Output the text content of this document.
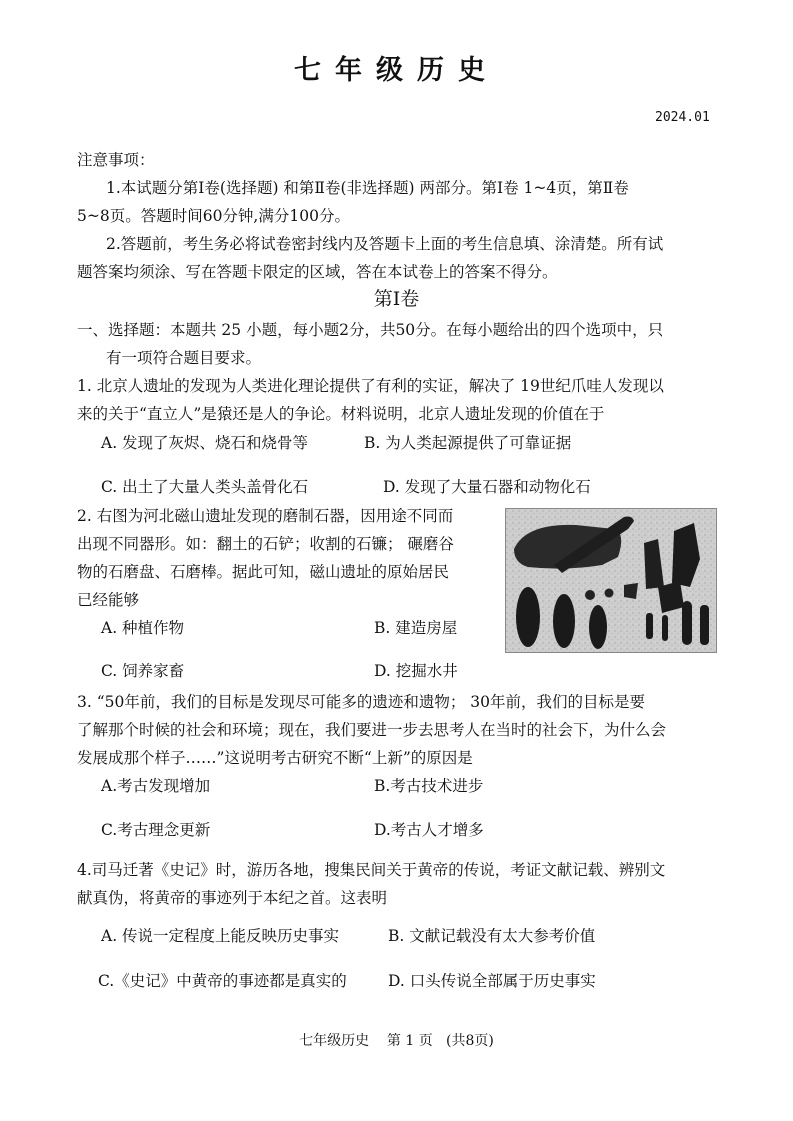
七年级历史
2024.01
注意事项：
1.本试题分第Ⅰ卷(选择题) 和第Ⅱ卷(非选择题) 两部分。第Ⅰ卷 1~4页，第Ⅱ卷
5~8页。答题时间60分钟,满分100分。
2.答题前，考生务必将试卷密封线内及答题卡上面的考生信息填、涂清楚。所有试
题答案均须涂、写在答题卡限定的区域，答在本试卷上的答案不得分。
第Ⅰ卷
一、选择题：本题共 25 小题，每小题2分，共50分。在每小题给出的四个选项中，只
有一项符合题目要求。
1. 北京人遗址的发现为人类进化理论提供了有利的实证，解决了 19世纪爪哇人发现以
来的关于“直立人”是猿还是人的争论。材料说明，北京人遗址发现的价值在于
A. 发现了灰烬、烧石和烧骨等	B. 为人类起源提供了可靠证据
C. 出土了大量人类头盖骨化石	D. 发现了大量石器和动物化石
2. 右图为河北磁山遗址发现的磨制石器，因用途不同而
出现不同器形。如：翻土的石铲；收割的石镰； 碾磨谷
物的石磨盘、石磨棒。据此可知，磁山遗址的原始居民
已经能够
A. 种植作物	B. 建造房屋
C. 饲养家畜	D. 挖掘水井
3. “50年前，我们的目标是发现尽可能多的遗迹和遗物； 30年前，我们的目标是要
了解那个时候的社会和环境；现在，我们要进一步去思考人在当时的社会下，为什么会
发展成那个样子……”这说明考古研究不断“上新”的原因是
A.考古发现增加	B.考古技术进步
C.考古理念更新	D.考古人才增多
4.司马迁著《史记》时，游历各地，搜集民间关于黄帝的传说，考证文献记载、辨别文
献真伪，将黄帝的事迹列于本纪之首。这表明
A. 传说一定程度上能反映历史事实	B. 文献记载没有太大参考价值
C.《史记》中黄帝的事迹都是真实的	D. 口头传说全部属于历史事实
七年级历史    第 1 页   (共8页)
